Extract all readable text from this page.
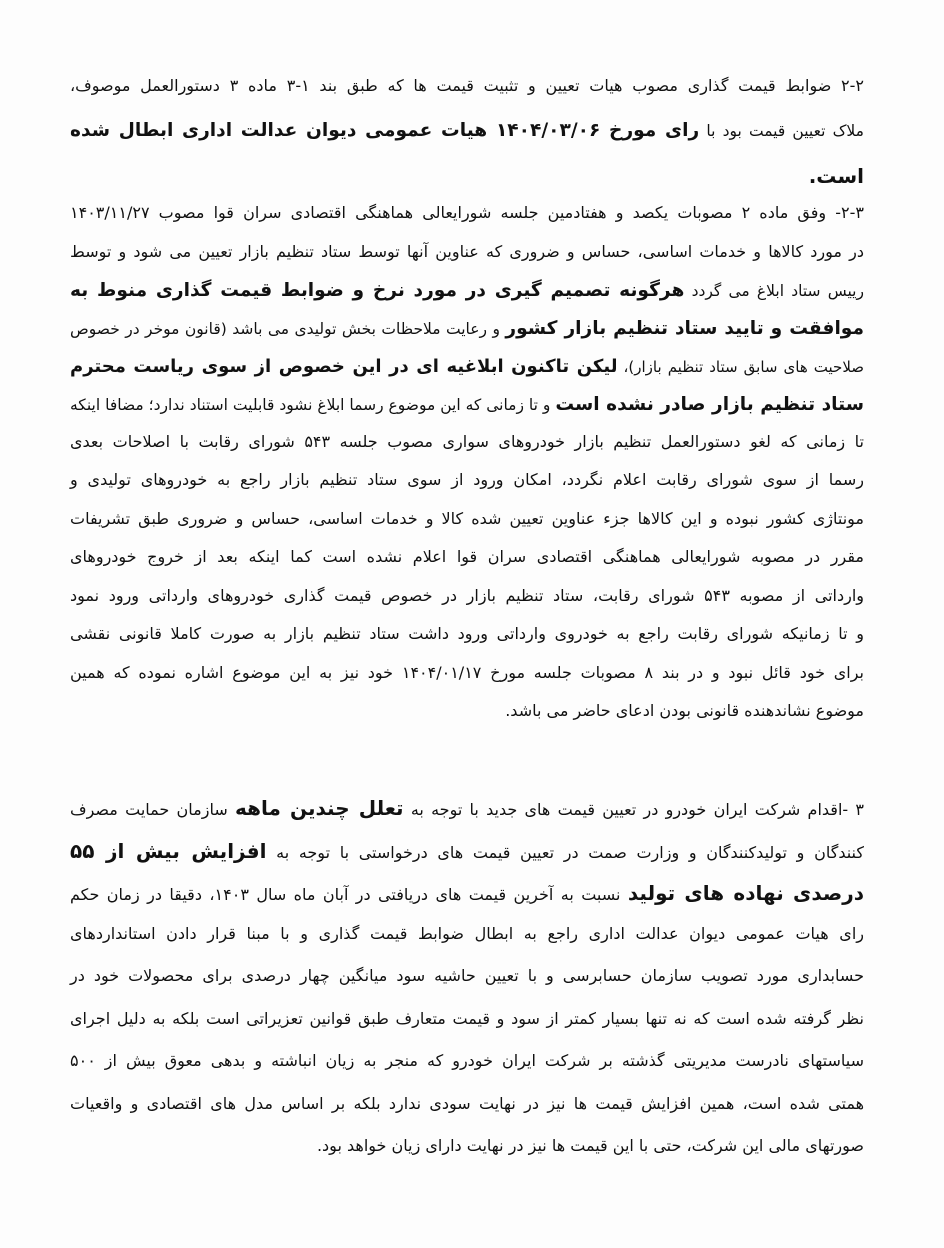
۲-۲ ضوابط قیمت گذاری مصوب هیات تعیین و تثبیت قیمت ها که طبق بند ۱-۳ ماده ۳ دستورالعمل موصوف،
ملاک تعیین قیمت بود با رای مورخ ۱۴۰۴/۰۳/۰۶ هیات عمومی دیوان عدالت اداری ابطال شده
است.
۲-۳- وفق ماده ۲ مصوبات یکصد و هفتادمین جلسه شورایعالی هماهنگی اقتصادی سران قوا مصوب ۱۴۰۳/۱۱/۲۷
در مورد کالاها و خدمات اساسی، حساس و ضروری که عناوین آنها توسط ستاد تنظیم بازار تعیین می شود و توسط
رییس ستاد ابلاغ می گردد هرگونه تصمیم گیری در مورد نرخ و ضوابط قیمت گذاری منوط به
موافقت و تایید ستاد تنظیم بازار کشور و رعایت ملاحظات بخش تولیدی می باشد (قانون موخر در خصوص
صلاحیت های سابق ستاد تنظیم بازار)، لیکن تاکنون ابلاغیه ای در این خصوص از سوی ریاست محترم
ستاد تنظیم بازار صادر نشده است و تا زمانی که این موضوع رسما ابلاغ نشود قابلیت استناد ندارد؛ مضافا اینکه
تا زمانی که لغو دستورالعمل تنظیم بازار خودروهای سواری مصوب جلسه ۵۴۳ شورای رقابت با اصلاحات بعدی
رسما از سوی شورای رقابت اعلام نگردد، امکان ورود از سوی ستاد تنظیم بازار راجع به خودروهای تولیدی و
مونتاژی کشور نبوده و این کالاها جزء عناوین تعیین شده کالا و خدمات اساسی، حساس و ضروری طبق تشریفات
مقرر در مصوبه شورایعالی هماهنگی اقتصادی سران قوا اعلام نشده است کما اینکه بعد از خروج خودروهای
وارداتی از مصوبه ۵۴۳ شورای رقابت، ستاد تنظیم بازار در خصوص قیمت گذاری خودروهای وارداتی ورود نمود
و تا زمانیکه شورای رقابت راجع به خودروی وارداتی ورود داشت ستاد تنظیم بازار به صورت کاملا قانونی نقشی
برای خود قائل نبود و در بند ۸ مصوبات جلسه مورخ ۱۴۰۴/۰۱/۱۷ خود نیز به این موضوع اشاره نموده که همین
موضوع نشاندهنده قانونی بودن ادعای حاضر می باشد.
۳ -اقدام شرکت ایران خودرو در تعیین قیمت های جدید با توجه به تعلل چندین ماهه سازمان حمایت مصرف
کنندگان و تولیدکنندگان و وزارت صمت در تعیین قیمت های درخواستی با توجه به افزایش بیش از ۵۵
درصدی نهاده های تولید نسبت به آخرین قیمت های دریافتی در آبان ماه سال ۱۴۰۳، دقیقا در زمان حکم
رای هیات عمومی دیوان عدالت اداری راجع به ابطال ضوابط قیمت گذاری و با مبنا قرار دادن استانداردهای
حسابداری مورد تصویب سازمان حسابرسی و با تعیین حاشیه سود میانگین چهار درصدی برای محصولات خود در
نظر گرفته شده است که نه تنها بسیار کمتر از سود و قیمت متعارف طبق قوانین تعزیراتی است بلکه به دلیل اجرای
سیاستهای نادرست مدیریتی گذشته بر شرکت ایران خودرو که منجر به زیان انباشته و بدهی معوق بیش از ۵۰۰
همتی شده است، همین افزایش قیمت ها نیز در نهایت سودی ندارد بلکه بر اساس مدل های اقتصادی و واقعیات
صورتهای مالی این شرکت، حتی با این قیمت ها نیز در نهایت دارای زیان خواهد بود.
